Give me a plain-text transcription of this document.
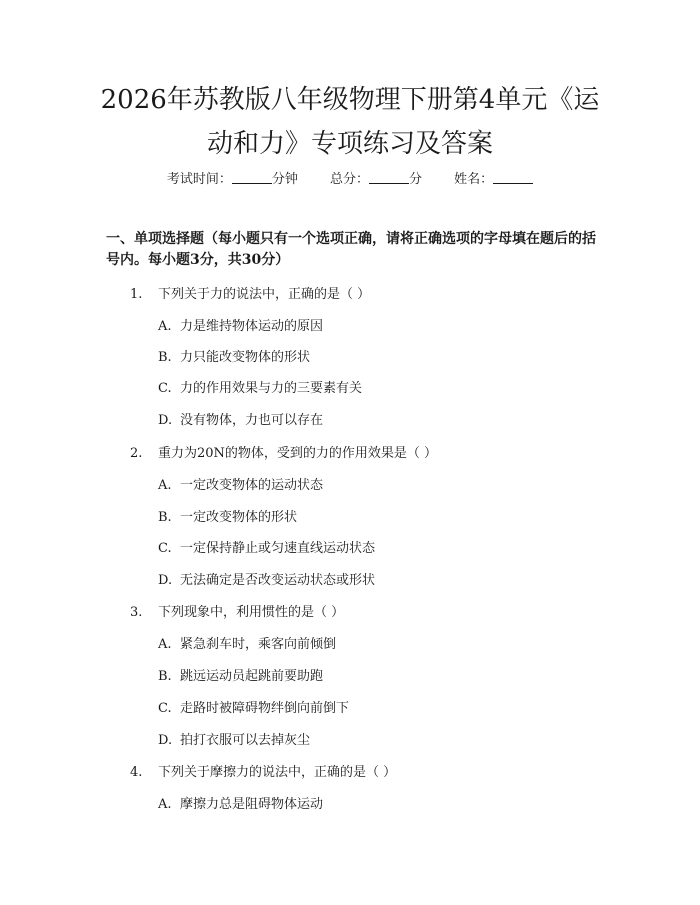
2026年苏教版八年级物理下册第4单元《运动和力》专项练习及答案
考试时间：	分钟 总分：	分 姓名：

一、单项选择题（每小题只有一个选项正确，请将正确选项的字母填在题后的括号内。每小题3分，共30分）

1. 下列关于力的说法中，正确的是（ ）
A. 力是维持物体运动的原因
B. 力只能改变物体的形状
C. 力的作用效果与力的三要素有关
D. 没有物体，力也可以存在
2. 重力为20N的物体，受到的力的作用效果是（ ）
A. 一定改变物体的运动状态
B. 一定改变物体的形状
C. 一定保持静止或匀速直线运动状态
D. 无法确定是否改变运动状态或形状
3. 下列现象中，利用惯性的是（ ）
A. 紧急刹车时，乘客向前倾倒
B. 跳远运动员起跳前要助跑
C. 走路时被障碍物绊倒向前倒下
D. 拍打衣服可以去掉灰尘
4. 下列关于摩擦力的说法中，正确的是（ ）
A. 摩擦力总是阻碍物体运动
